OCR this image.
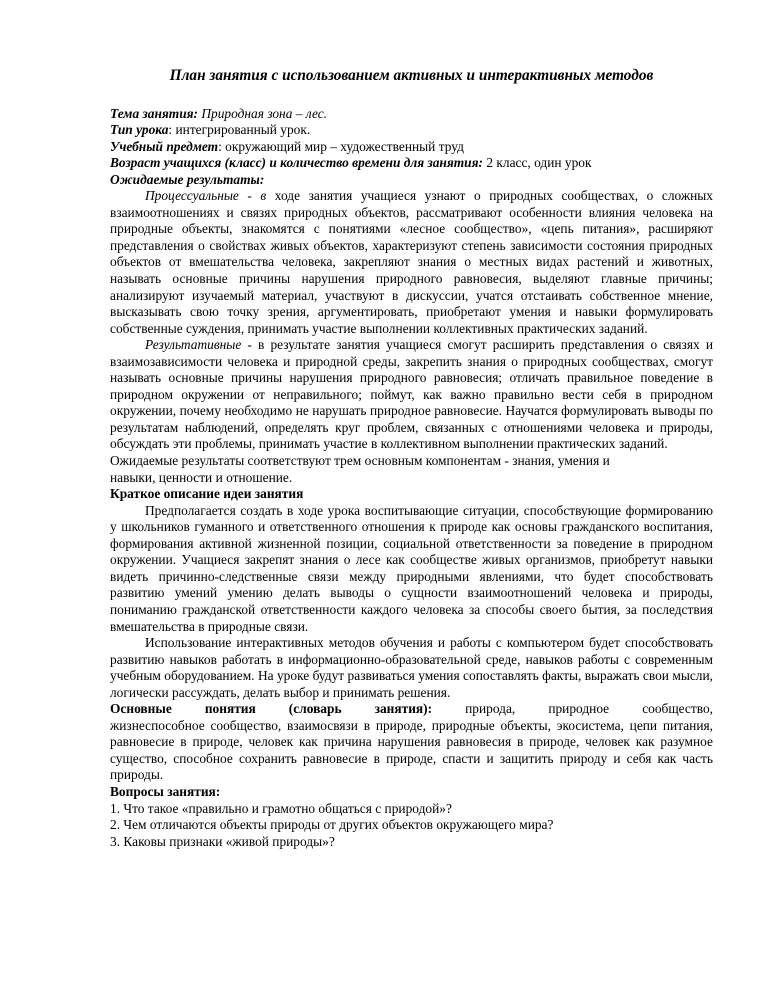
План занятия с использованием активных и интерактивных методов

Тема занятия: Природная зона – лес.

Тип урока: интегрированный урок.

Учебный предмет: окружающий мир – художественный труд

Возраст учащихся (класс) и количество времени для занятия: 2 класс, один урок

Ожидаемые результаты:

Процессуальные - в ходе занятия учащиеся узнают о природных сообществах, о сложных взаимоотношениях и связях природных объектов, рассматривают особенности влияния человека на природные объекты, знакомятся с понятиями «лесное сообщество», «цепь питания», расширяют представления о свойствах живых объектов, характеризуют степень зависимости состояния природных объектов от вмешательства человека, закрепляют знания о местных видах растений и животных, называть основные причины нарушения природного равновесия, выделяют главные причины; анализируют изучаемый материал, участвуют в дискуссии, учатся отстаивать собственное мнение, высказывать свою точку зрения, аргументировать, приобретают умения и навыки формулировать собственные суждения, принимать участие выполнении коллективных практических заданий.

Результативные - в результате занятия учащиеся смогут расширить представления о связях и взаимозависимости человека и природной среды, закрепить знания о природных сообществах, смогут называть основные причины нарушения природного равновесия; отличать правильное поведение в природном окружении от неправильного; поймут, как важно правильно вести себя в природном окружении, почему необходимо не нарушать природное равновесие. Научатся формулировать выводы по результатам наблюдений, определять круг проблем, связанных с отношениями человека и природы, обсуждать эти проблемы, принимать участие в коллективном выполнении практических заданий.

Ожидаемые результаты соответствуют трем основным компонентам - знания, умения и

навыки, ценности и отношение.

Краткое описание идеи занятия

Предполагается создать в ходе урока воспитывающие ситуации, способствующие формированию у школьников гуманного и ответственного отношения к природе как основы гражданского воспитания, формирования активной жизненной позиции, социальной ответственности за поведение в природном окружении. Учащиеся закрепят знания о лесе как сообществе живых организмов, приобретут навыки видеть причинно-следственные связи между природными явлениями, что будет способствовать развитию умений умению делать выводы о сущности взаимоотношений человека и природы, пониманию гражданской ответственности каждого человека за способы своего бытия, за последствия вмешательства в природные связи.

Использование интерактивных методов обучения и работы с компьютером будет способствовать развитию навыков работать в информационно-образовательной среде, навыков работы с современным учебным оборудованием. На уроке будут развиваться умения сопоставлять факты, выражать свои мысли, логически рассуждать, делать выбор и принимать решения.

Основные понятия (словарь занятия): природа, природное сообщество,

жизнеспособное сообщество, взаимосвязи в природе, природные объекты, экосистема, цепи питания, равновесие в природе, человек как причина нарушения равновесия в природе, человек как разумное существо, способное сохранить равновесие в природе, спасти и защитить природу и себя как часть природы.

Вопросы занятия:

1. Что такое «правильно и грамотно общаться с природой»?

2. Чем отличаются объекты природы от других объектов окружающего мира?

3. Каковы признаки «живой природы»?
